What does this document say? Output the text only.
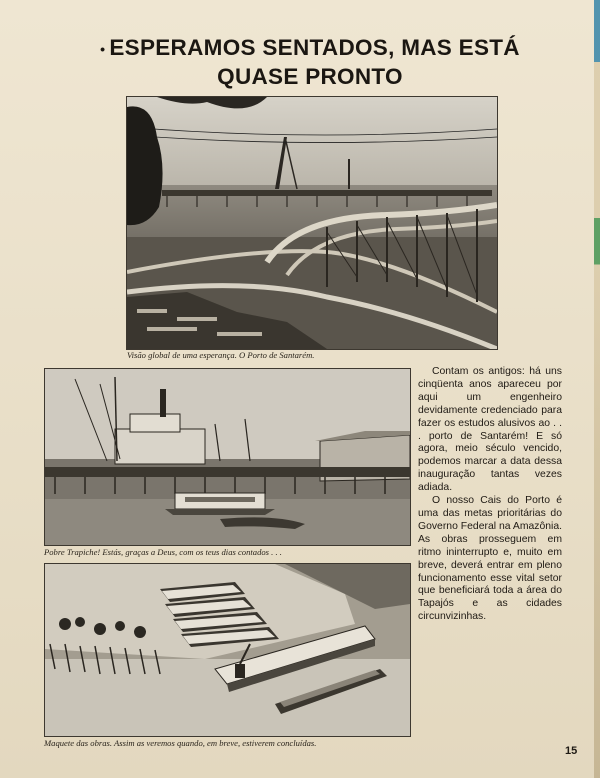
• ESPERAMOS SENTADOS, MAS ESTÁ
QUASE PRONTO
Visão global de uma esperança. O Porto de Santarém.
Pobre Trapiche! Estás, graças a Deus, com os teus dias contados . . .
Maquete das obras. Assim as veremos quando, em breve, estiverem concluídas.

Contam os antigos: há uns cinqüenta anos apareceu por aqui um engenheiro devidamente credenciado para fazer os estudos alusivos ao . . . porto de Santarém! E só agora, meio século vencido, podemos marcar a data dessa inauguração tantas vezes adiada.

O nosso Cais do Porto é uma das metas prioritárias do Governo Federal na Amazônia. As obras prosseguem em ritmo ininterrupto e, muito em breve, deverá entrar em pleno funcionamento esse vital setor que beneficiará toda a área do Tapajós e as cidades circunvizinhas.

15
